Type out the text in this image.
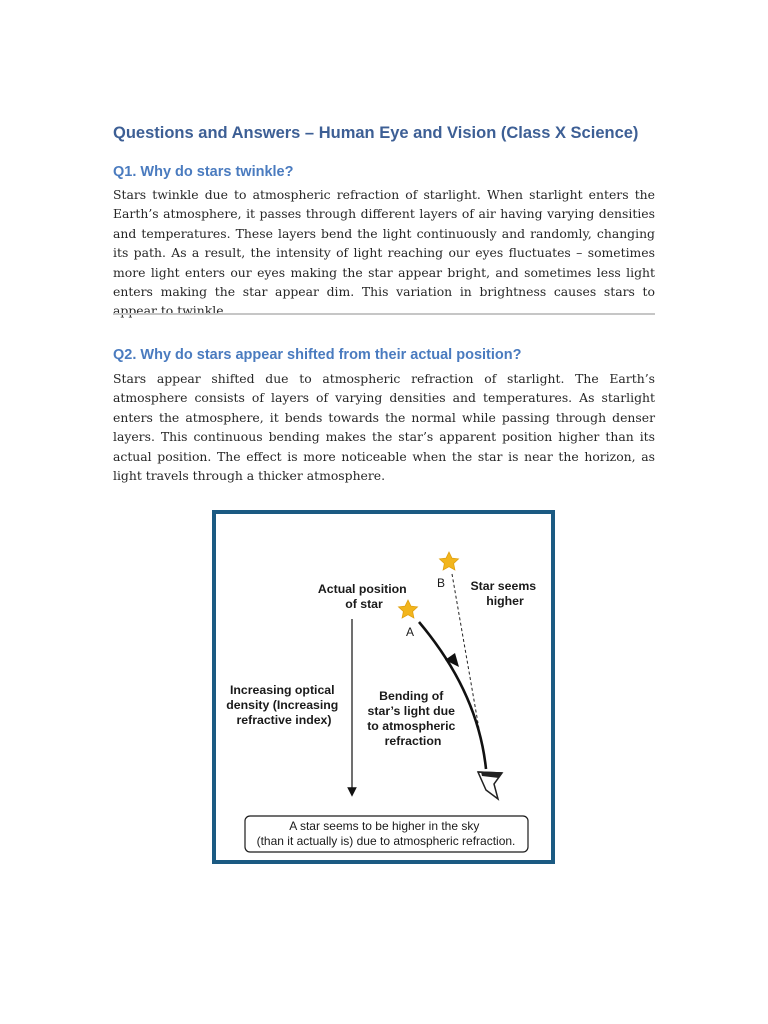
Questions and Answers – Human Eye and Vision (Class X Science)
Q1. Why do stars twinkle?

Stars twinkle due to atmospheric refraction of starlight. When starlight enters the Earth’s atmosphere, it passes through different layers of air having varying densities and temperatures. These layers bend the light continuously and randomly, changing its path. As a result, the intensity of light reaching our eyes fluctuates – sometimes more light enters our eyes making the star appear bright, and sometimes less light enters making the star appear dim. This variation in brightness causes stars to appear to twinkle.

Q2. Why do stars appear shifted from their actual position?

Stars appear shifted due to atmospheric refraction of starlight. The Earth’s atmosphere consists of layers of varying densities and temperatures. As starlight enters the atmosphere, it bends towards the normal while passing through denser layers. This continuous bending makes the star’s apparent position higher than its actual position. The effect is more noticeable when the star is near the horizon, as light travels through a thicker atmosphere.

B
A
Actual position of star
Star seems higher
Increasing optical density (Increasing refractive index)
Bending of star’s light due to atmospheric refraction
A star seems to be higher in the sky (than it actually is) due to atmospheric refraction.
